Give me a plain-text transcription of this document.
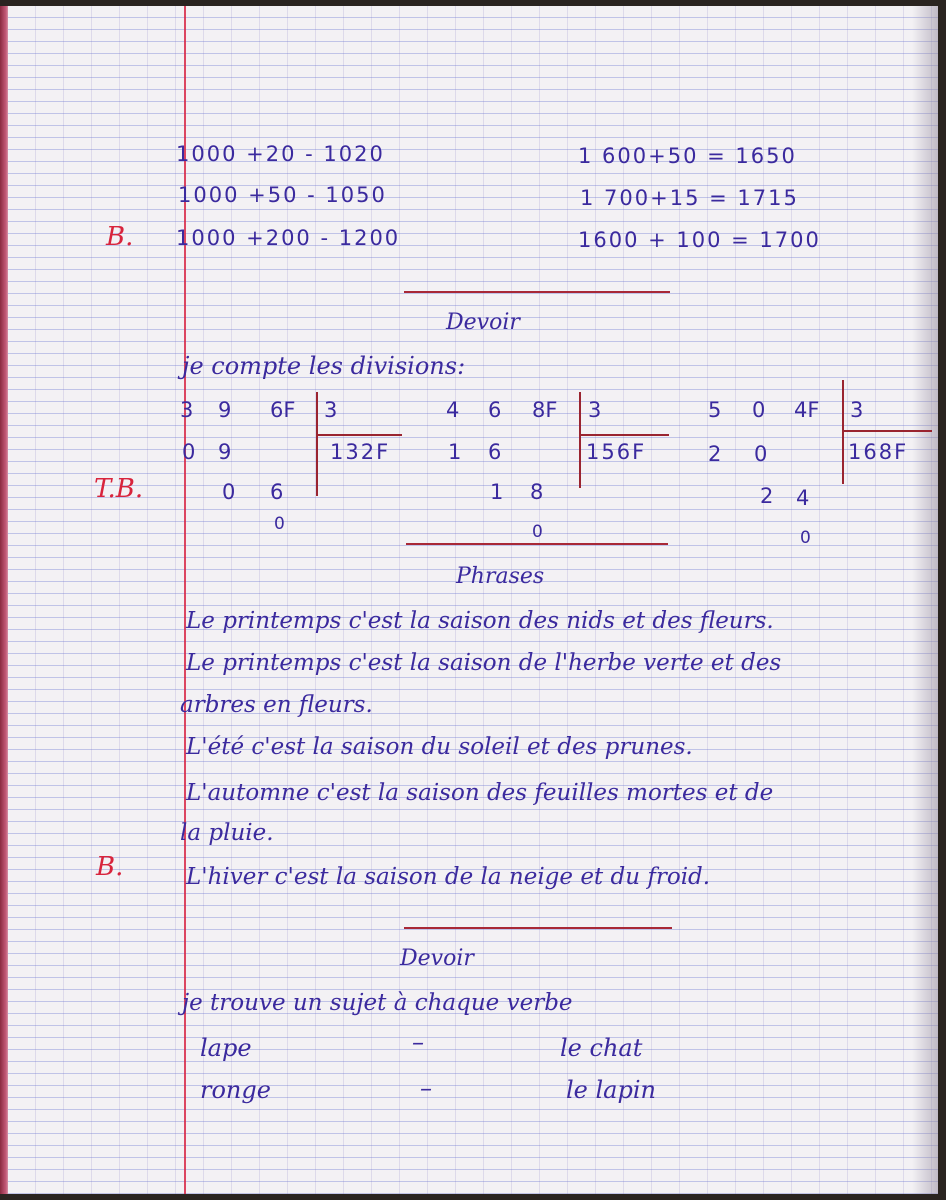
1000 +20 - 1020
1000 +50 - 1050
1000 +200 - 1200
1 600+50 = 1650
1 700+15 = 1715
1600 + 100 = 1700
B.
Devoir
je compte les divisions:
3 9 6F 3
132F
0 9
0 6
0
4 6 8F 3
156F
1 6
1 8
0
5 0 4F 3
168F
2 0
2 4
0
T.B.
Phrases
Le printemps c'est la saison des nids et des fleurs.
Le printemps c'est la saison de l'herbe verte et des
arbres en fleurs.
L'été c'est la saison du soleil et des prunes.
L'automne c'est la saison des feuilles mortes et de
la pluie.
L'hiver c'est la saison de la neige et du froid.
B.
Devoir
je trouve un sujet à chaque verbe
lape	–	le chat
ronge	–	le lapin
